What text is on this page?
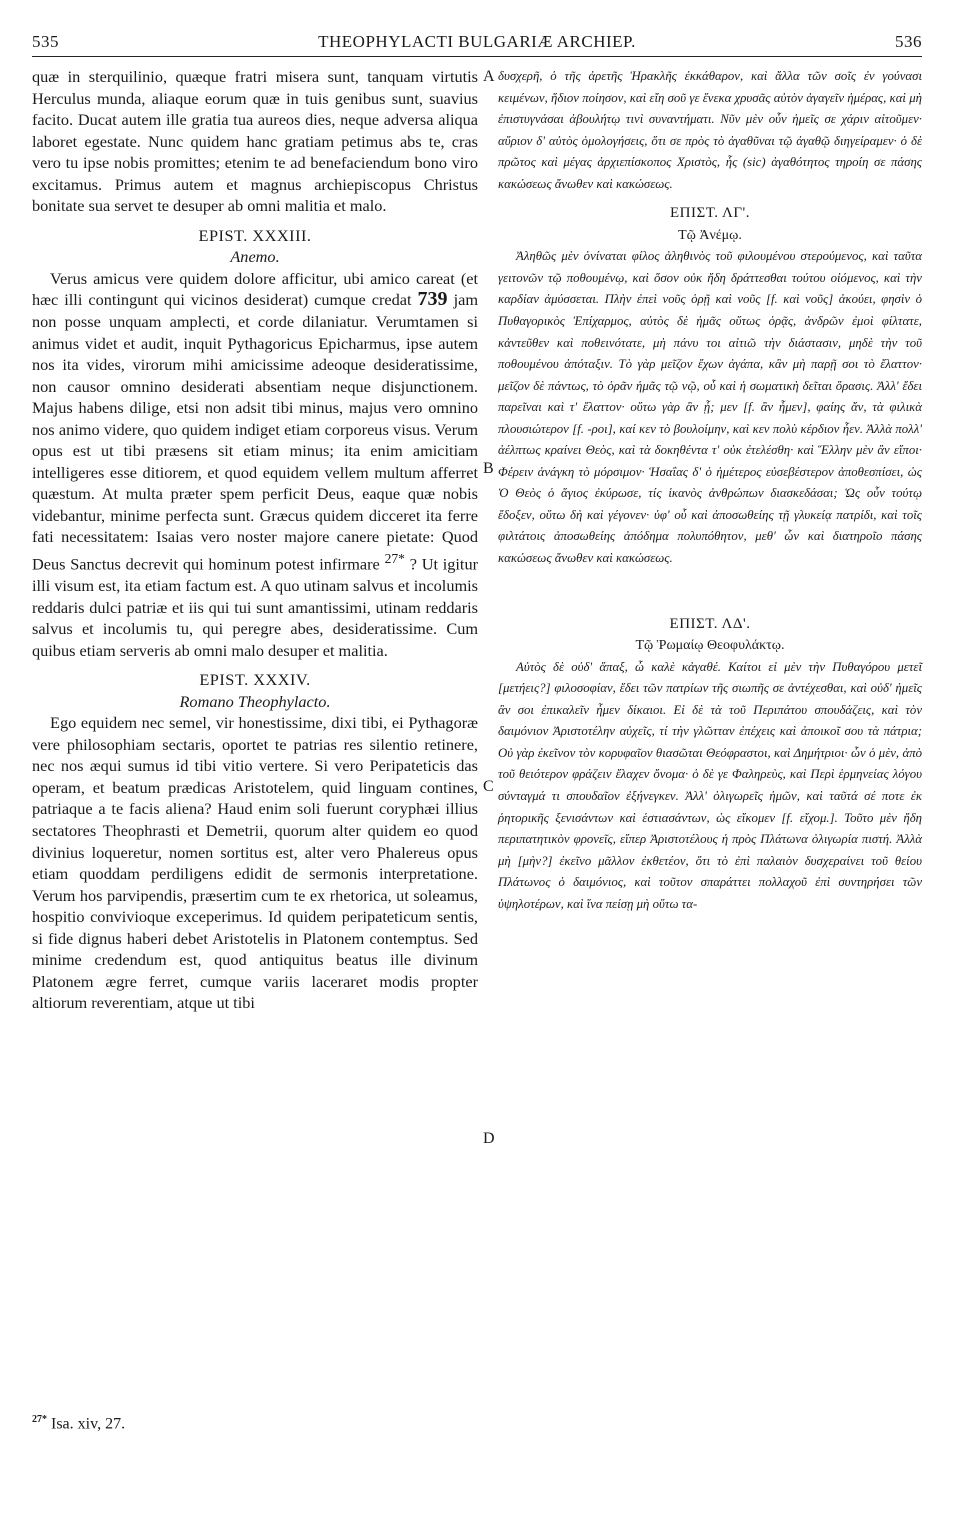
535	THEOPHYLACTI BULGARIÆ ARCHIEP.	536
A
B
C
D

quæ in sterquilinio, quæque fratri misera sunt, tanquam virtutis Herculus munda, aliaque eorum quæ in tuis genibus sunt, suavius facito. Ducat autem ille gratia tua aureos dies, neque adversa aliqua laboret egestate. Nunc quidem hanc gratiam petimus abs te, cras vero tu ipse nobis promittes; etenim te ad benefaciendum bono viro excitamus. Primus autem et magnus archiepiscopus Christus bonitate sua servet te desuper ab omni malitia et malo.

EPIST. XXXIII.
Anemo.

Verus amicus vere quidem dolore afficitur, ubi amico careat (et hæc illi contingunt qui vicinos desiderat) cumque credat 739 jam non posse unquam amplecti, et corde dilaniatur. Verumtamen si animus videt et audit, inquit Pythagoricus Epicharmus, ipse autem nos ita vides, virorum mihi amicissime adeoque desideratissime, non causor omnino desiderati absentiam neque disjunctionem. Majus habens dilige, etsi non adsit tibi minus, majus vero omnino nos animo videre, quo quidem indiget etiam corporeus visus. Verum opus est ut tibi præsens sit etiam minus; ita enim amicitiam intelligeres esse ditiorem, et quod equidem vellem multum afferret quæstum. At multa præter spem perficit Deus, eaque quæ nobis videbantur, minime perfecta sunt. Græcus quidem dicceret ita ferre fati necessitatem: Isaias vero noster majore canere pietate: Quod Deus Sanctus decrevit qui hominum potest infirmare $^{27*}$ ? Ut igitur illi visum est, ita etiam factum est. A quo utinam salvus et incolumis reddaris dulci patriæ et iis qui tui sunt amantissimi, utinam reddaris salvus et incolumis tu, qui peregre abes, desideratissime. Cum quibus etiam serveris ab omni malo desuper et malitia.

EPIST. XXXIV.
Romano Theophylacto.

Ego equidem nec semel, vir honestissime, dixi tibi, ei Pythagoræ vere philosophiam sectaris, oportet te patrias res silentio retinere, nec nos æqui sumus id tibi vitio vertere. Si vero Peripateticis das operam, et beatum prædicas Aristotelem, quid linguam contines, patriaque a te facis aliena? Haud enim soli fuerunt coryphæi illius sectatores Theophrasti et Demetrii, quorum alter quidem eo quod divinius loqueretur, nomen sortitus est, alter vero Phalereus opus etiam quoddam perdiligens edidit de sermonis interpretatione. Verum hos parvipendis, præsertim cum te ex rhetorica, ut soleamus, hospitio convivioque exceperimus. Id quidem peripateticum sentis, si fide dignus haberi debet Aristotelis in Platonem contemptus. Sed minime credendum est, quod antiquitus beatus ille divinum Platonem ægre ferret, cumque variis laceraret modis propter altiorum reverentiam, atque ut tibi

δυσχερῆ, ὁ τῆς ἀρετῆς Ἡρακλῆς ἐκκάθαρον, καὶ ἄλλα τῶν σοῖς ἐν γούνασι κειμένων, ἥδιον ποίησον, καὶ εἴη σοῦ γε ἕνεκα χρυσᾶς αὐτὸν ἀγαγεῖν ἡμέρας, καὶ μὴ ἐπιστυγνάσαι ἀβουλήτῳ τινὶ συναντήματι. Νῦν μὲν οὖν ἡμεῖς σε χάριν αἰτοῦμεν· αὔριον δ' αὐτὸς ὁμολογήσεις, ὅτι σε πρὸς τὸ ἀγαθῦναι τῷ ἀγαθῷ διηγείραμεν· ὁ δὲ πρῶτος καὶ μέγας ἀρχιεπίσκοπος Χριστὸς, ἧς (sic) ἀγαθότητος τηροίη σε πάσης κακώσεως ἄνωθεν καὶ κακώσεως.

ΕΠΙΣΤ. ΛΓ'.
Τῷ Ἀνέμῳ.

Ἀληθῶς μὲν ὀνίναται φίλος ἀληθινὸς τοῦ φιλουμένου στερούμενος, καὶ ταῦτα γειτονῶν τῷ ποθουμένῳ, καὶ ὅσον οὐκ ἤδη δράττεσθαι τούτου οἰόμενος, καὶ τὴν καρδίαν ἀμύσσεται. Πλὴν ἐπεὶ νοῦς ὁρῇ καὶ νοῦς [f. καὶ νοῦς] ἀκούει, φησὶν ὁ Πυθαγορικὸς Ἐπίχαρμος, αὐτὸς δὲ ἡμᾶς οὕτως ὁρᾷς, ἀνδρῶν ἐμοὶ φίλτατε, κἀντεῦθεν καὶ ποθεινότατε, μὴ πάνυ τοι αἰτιῶ τὴν διάστασιν, μηδὲ τὴν τοῦ ποθουμένου ἀπόταξιν. Τὸ γὰρ μεῖζον ἔχων ἀγάπα, κἂν μὴ παρῇ σοι τὸ ἔλαττον· μεῖζον δὲ πάντως, τὸ ὁρᾶν ἡμᾶς τῷ νῷ, οὗ καὶ ἡ σωματικὴ δεῖται ὅρασις. Ἀλλ' ἔδει παρεῖναι καὶ τ' ἔλαττον· οὕτω γὰρ ἂν ᾖ; μεν [f. ἂν ἦμεν], φαίης ἄν, τὰ φιλικὰ πλουσιώτερον [f. -ροι], καί κεν τὸ βουλοίμην, καὶ κεν πολὺ κέρδιον ἦεν. Ἀλλὰ πολλ' ἀέλπτως κραίνει Θεὸς, καὶ τὰ δοκηθέντα τ' οὐκ ἐτελέσθη· καὶ Ἕλλην μὲν ἂν εἴποι· Φέρειν ἀνάγκη τὸ μόρσιμον· Ἡσαΐας δ' ὁ ἡμέτερος εὐσεβέστερον ἀποθεσπίσει, ὡς Ὁ Θεὸς ὁ ἅγιος ἐκύρωσε, τίς ἱκανὸς ἀνθρώπων διασκεδάσαι; Ὡς οὖν τούτῳ ἔδοξεν, οὕτω δὴ καὶ γέγονεν· ὑφ' οὗ καὶ ἀποσωθείης τῇ γλυκείᾳ πατρίδι, καὶ τοῖς φιλτάτοις ἀποσωθείης ἀπόδημα πολυπόθητον, μεθ' ὧν καὶ διατηροῖο πάσης κακώσεως ἄνωθεν καὶ κακώσεως.

ΕΠΙΣΤ. ΛΔ'.
Τῷ Ῥωμαίῳ Θεοφυλάκτῳ.

Αὐτὸς δὲ οὐδ' ἅπαξ, ὦ καλὲ κἀγαθέ. Καίτοι εἰ μὲν τὴν Πυθαγόρου μετεῖ [μετήεις?] φιλοσοφίαν, ἔδει τῶν πατρίων τῆς σιωπῆς σε ἀντέχεσθαι, καὶ οὐδ' ἡμεῖς ἂν σοι ἐπικαλεῖν ἦμεν δίκαιοι. Εἰ δὲ τὰ τοῦ Περιπάτου σπουδάζεις, καὶ τὸν δαιμόνιον Ἀριστοτέλην αὐχεῖς, τί τὴν γλῶτταν ἐπέχεις καὶ ἀποικοῖ σου τὰ πάτρια; Οὐ γὰρ ἐκεῖνον τὸν κορυφαῖον θιασῶται Θεόφραστοι, καὶ Δημήτριοι· ὧν ὁ μὲν, ἀπὸ τοῦ θειότερον φράζειν ἔλαχεν ὄνομα· ὁ δὲ γε Φαληρεὺς, καὶ Περὶ ἑρμηνείας λόγου σύνταγμά τι σπουδαῖον ἐξήνεγκεν. Ἀλλ' ὀλιγωρεῖς ἡμῶν, καὶ ταῦτά σέ ποτε ἐκ ῥητορικῆς ξενισάντων καὶ ἑστιασάντων, ὡς εἴκομεν [f. εἴχομ.]. Τοῦτο μὲν ἤδη περιπατητικὸν φρονεῖς, εἴπερ Ἀριστοτέλους ἡ πρὸς Πλάτωνα ὀλιγωρία πιστή. Ἀλλὰ μὴ [μὴν?] ἐκεῖνο μᾶλλον ἐκθετέον, ὅτι τὸ ἐπὶ παλαιὸν δυσχεραίνει τοῦ θείου Πλάτωνος ὁ δαιμόνιος, καὶ τοῦτον σπαράττει πολλαχοῦ ἐπὶ συντηρήσει τῶν ὑψηλοτέρων, καὶ ἵνα πείσῃ μὴ οὕτω τα-

$^{27*}$ Isa. xiv, 27.
